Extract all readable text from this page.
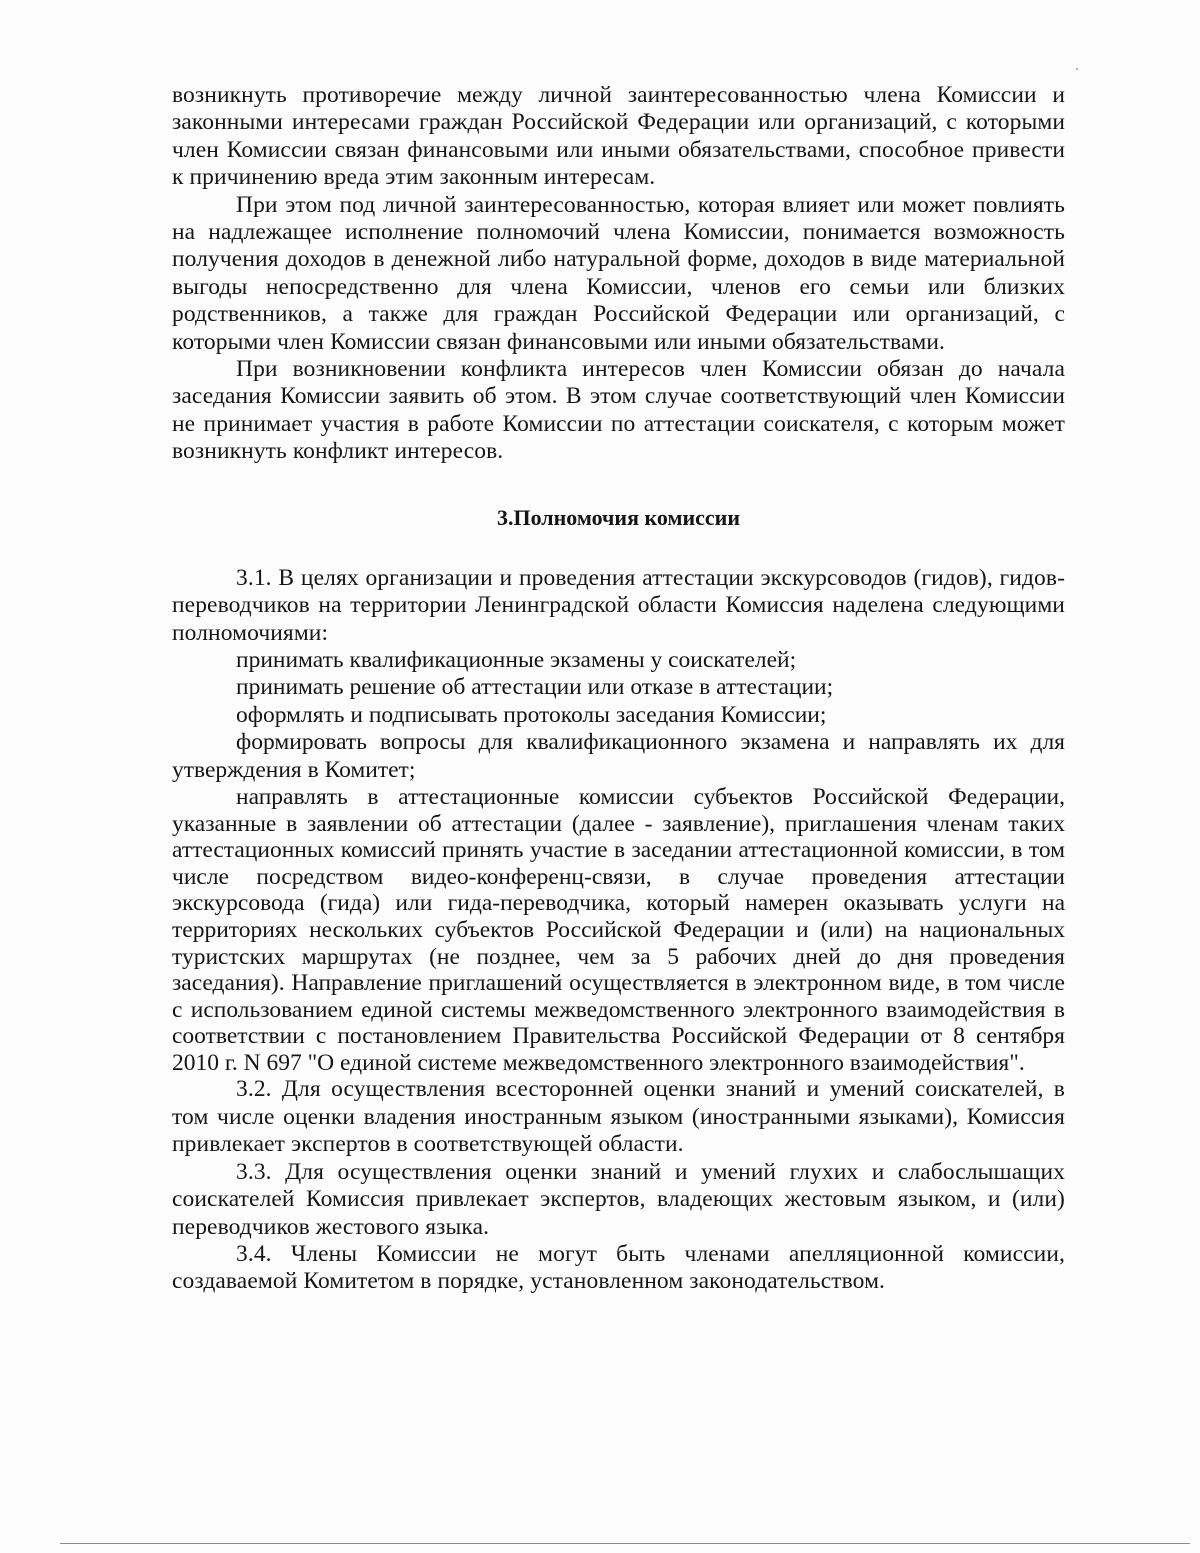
возникнуть противоречие между личной заинтересованностью члена Комиссии и законными интересами граждан Российской Федерации или организаций, с которыми член Комиссии связан финансовыми или иными обязательствами, способное привести к причинению вреда этим законным интересам.

При этом под личной заинтересованностью, которая влияет или может повлиять на надлежащее исполнение полномочий члена Комиссии, понимается возможность получения доходов в денежной либо натуральной форме, доходов в виде материальной выгоды непосредственно для члена Комиссии, членов его семьи или близких родственников, а также для граждан Российской Федерации или организаций, с которыми член Комиссии связан финансовыми или иными обязательствами.

При возникновении конфликта интересов член Комиссии обязан до начала заседания Комиссии заявить об этом. В этом случае соответствующий член Комиссии не принимает участия в работе Комиссии по аттестации соискателя, с которым может возникнуть конфликт интересов.

3.Полномочия комиссии

3.1. В целях организации и проведения аттестации экскурсоводов (гидов), гидов-переводчиков на территории Ленинградской области Комиссия наделена следующими полномочиями:

принимать квалификационные экзамены у соискателей;

принимать решение об аттестации или отказе в аттестации;

оформлять и подписывать протоколы заседания Комиссии;

формировать вопросы для квалификационного экзамена и направлять их для утверждения в Комитет;

направлять в аттестационные комиссии субъектов Российской Федерации, указанные в заявлении об аттестации (далее - заявление), приглашения членам таких аттестационных комиссий принять участие в заседании аттестационной комиссии, в том числе посредством видео-конференц-связи, в случае проведения аттестации экскурсовода (гида) или гида-переводчика, который намерен оказывать услуги на территориях нескольких субъектов Российской Федерации и (или) на национальных туристских маршрутах (не позднее, чем за 5 рабочих дней до дня проведения заседания). Направление приглашений осуществляется в электронном виде, в том числе с использованием единой системы межведомственного электронного взаимодействия в соответствии с постановлением Правительства Российской Федерации от 8 сентября 2010 г. N 697 "О единой системе межведомственного электронного взаимодействия".

3.2. Для осуществления всесторонней оценки знаний и умений соискателей, в том числе оценки владения иностранным языком (иностранными языками), Комиссия привлекает экспертов в соответствующей области.

3.3. Для осуществления оценки знаний и умений глухих и слабослышащих соискателей Комиссия привлекает экспертов, владеющих жестовым языком, и (или) переводчиков жестового языка.

3.4. Члены Комиссии не могут быть членами апелляционной комиссии, создаваемой Комитетом в порядке, установленном законодательством.
